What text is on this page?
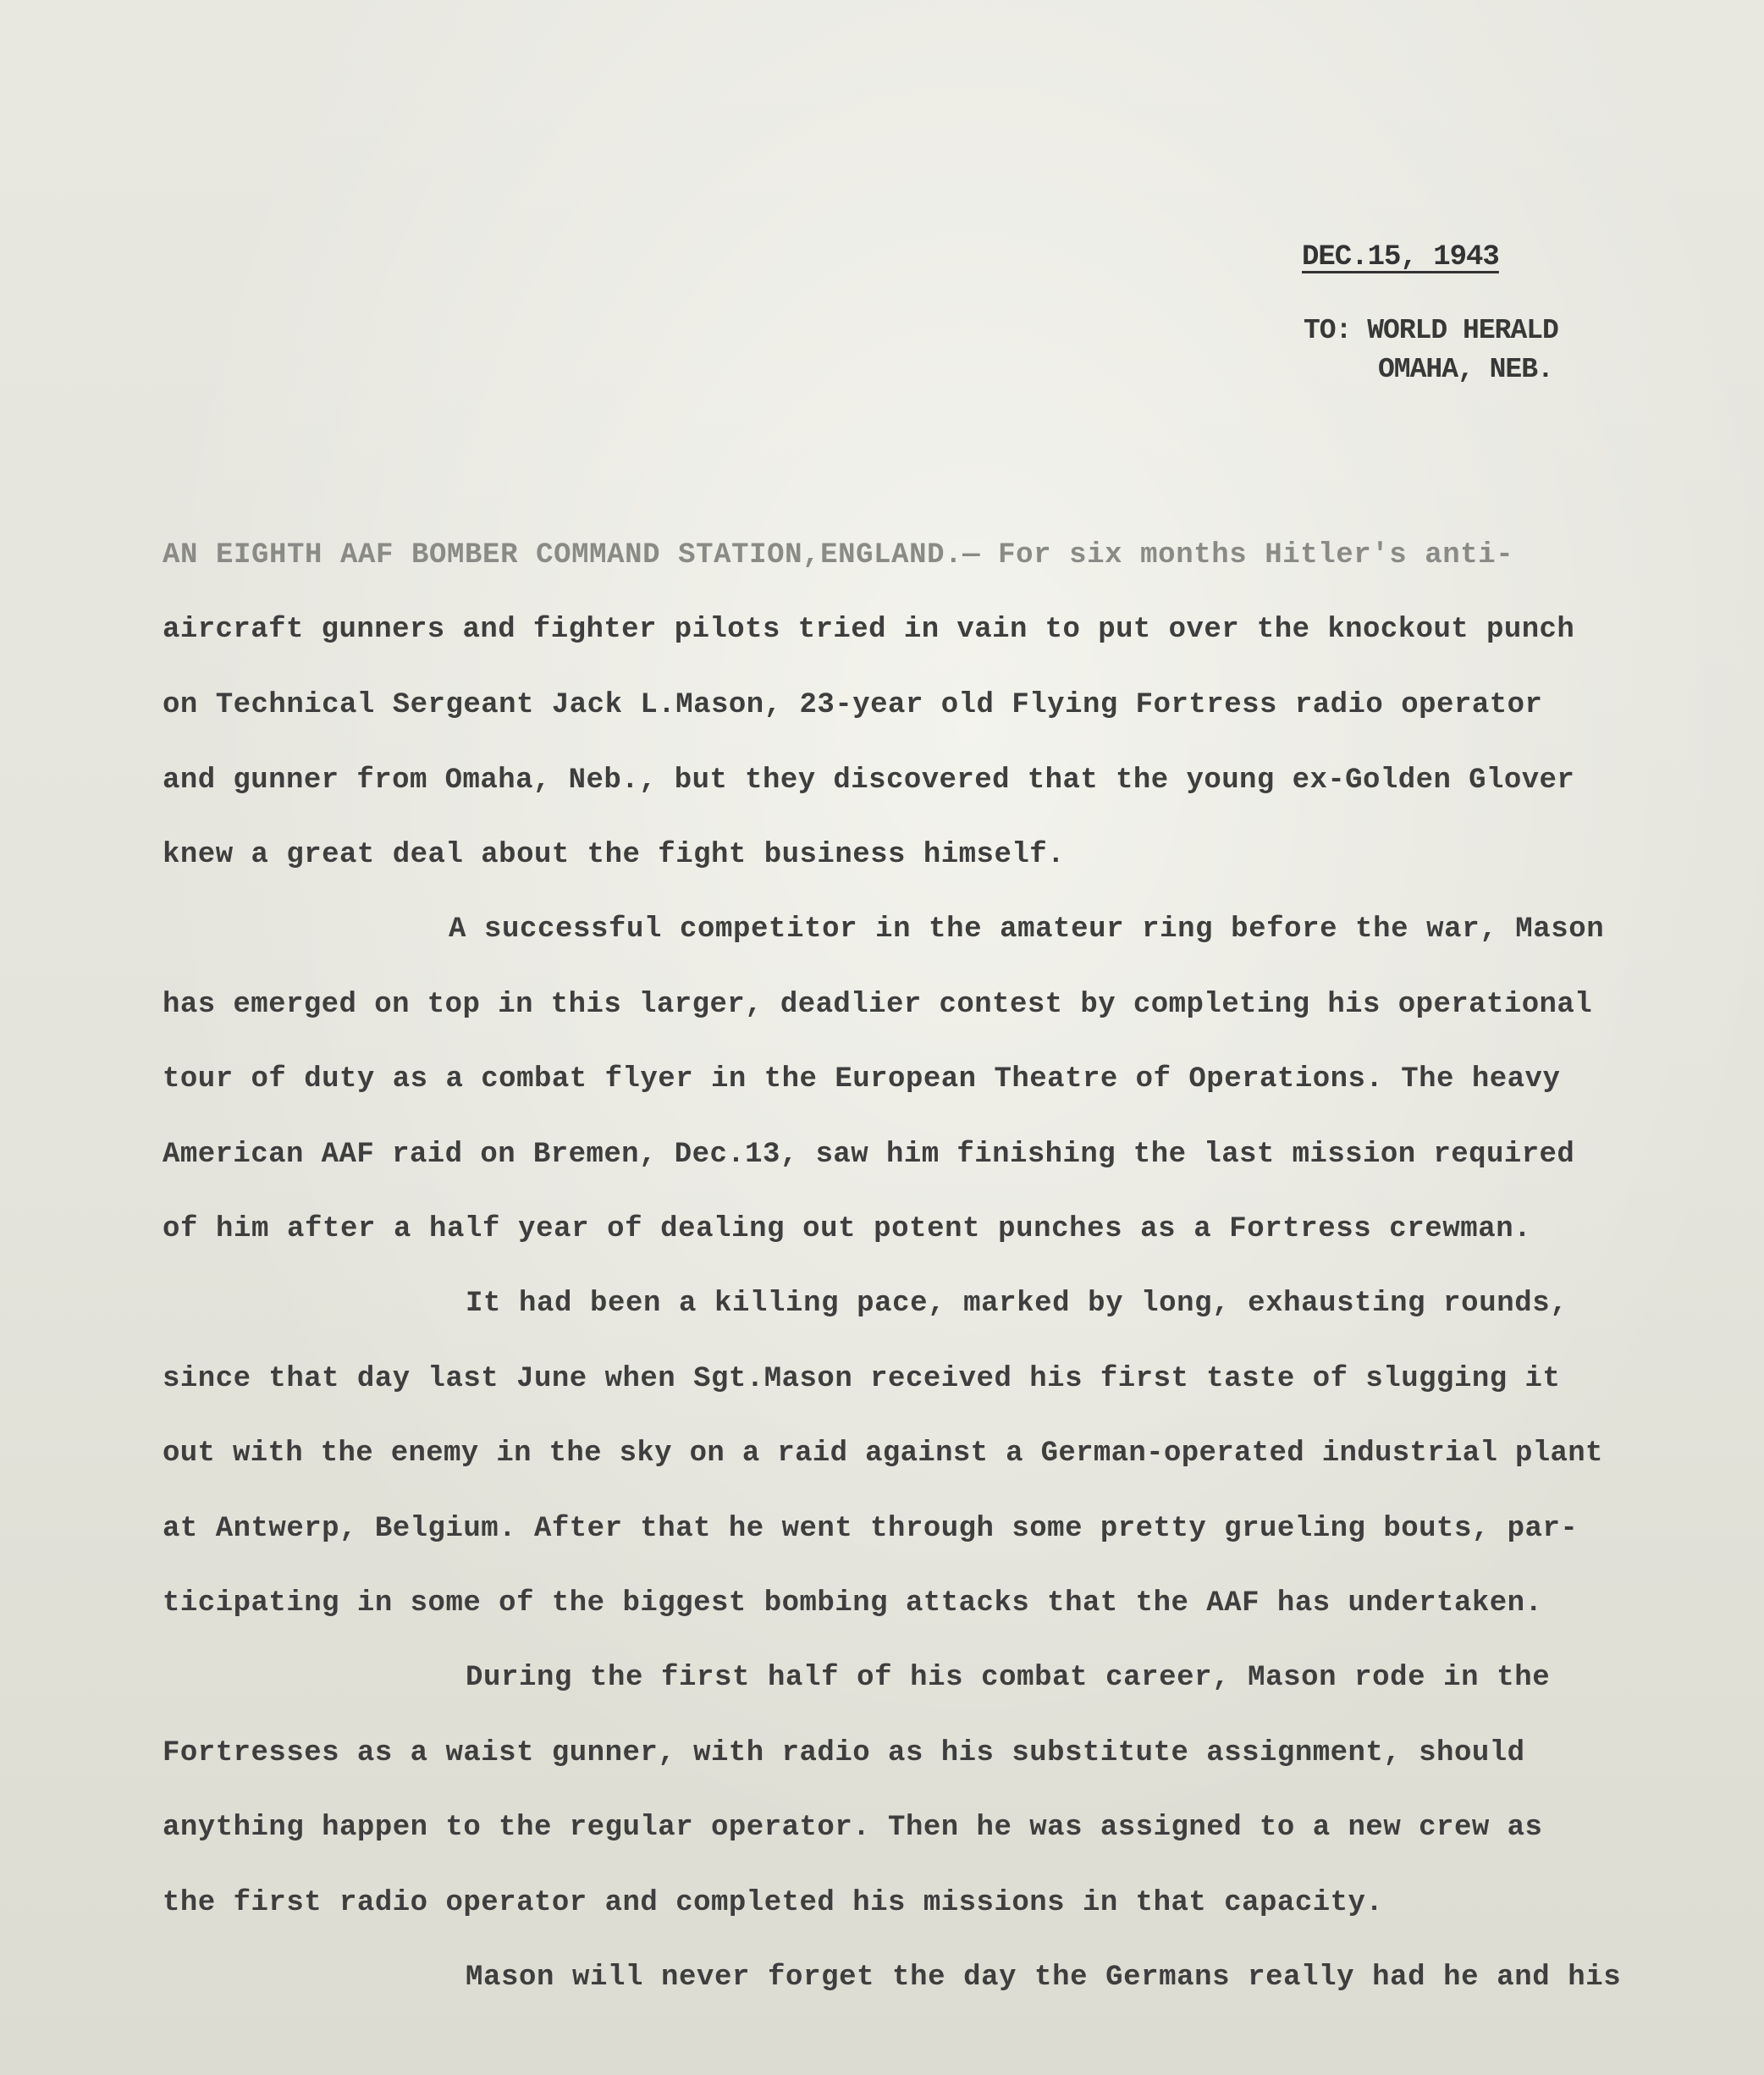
DEC.15, 1943
TO: WORLD HERALD
OMAHA, NEB.
AN EIGHTH AAF BOMBER COMMAND STATION,ENGLAND.— For six months Hitler's anti-
aircraft gunners and fighter pilots tried in vain to put over the knockout punch
on Technical Sergeant Jack L.Mason, 23-year old Flying Fortress radio operator
and gunner from Omaha, Neb., but they discovered that the young ex-Golden Glover
knew a great deal about the fight business himself.
A successful competitor in the amateur ring before the war, Mason
has emerged on top in this larger, deadlier contest by completing his operational
tour of duty as a combat flyer in the European Theatre of Operations. The heavy
American AAF raid on Bremen, Dec.13, saw him finishing the last mission required
of him after a half year of dealing out potent punches as a Fortress crewman.
It had been a killing pace, marked by long, exhausting rounds,
since that day last June when Sgt.Mason received his first taste of slugging it
out with the enemy in the sky on a raid against a German-operated industrial plant
at Antwerp, Belgium. After that he went through some pretty grueling bouts, par-
ticipating in some of the biggest bombing attacks that the AAF has undertaken.
During the first half of his combat career, Mason rode in the
Fortresses as a waist gunner, with radio as his substitute assignment, should
anything happen to the regular operator. Then he was assigned to a new crew as
the first radio operator and completed his missions in that capacity.
Mason will never forget the day the Germans really had he and his
